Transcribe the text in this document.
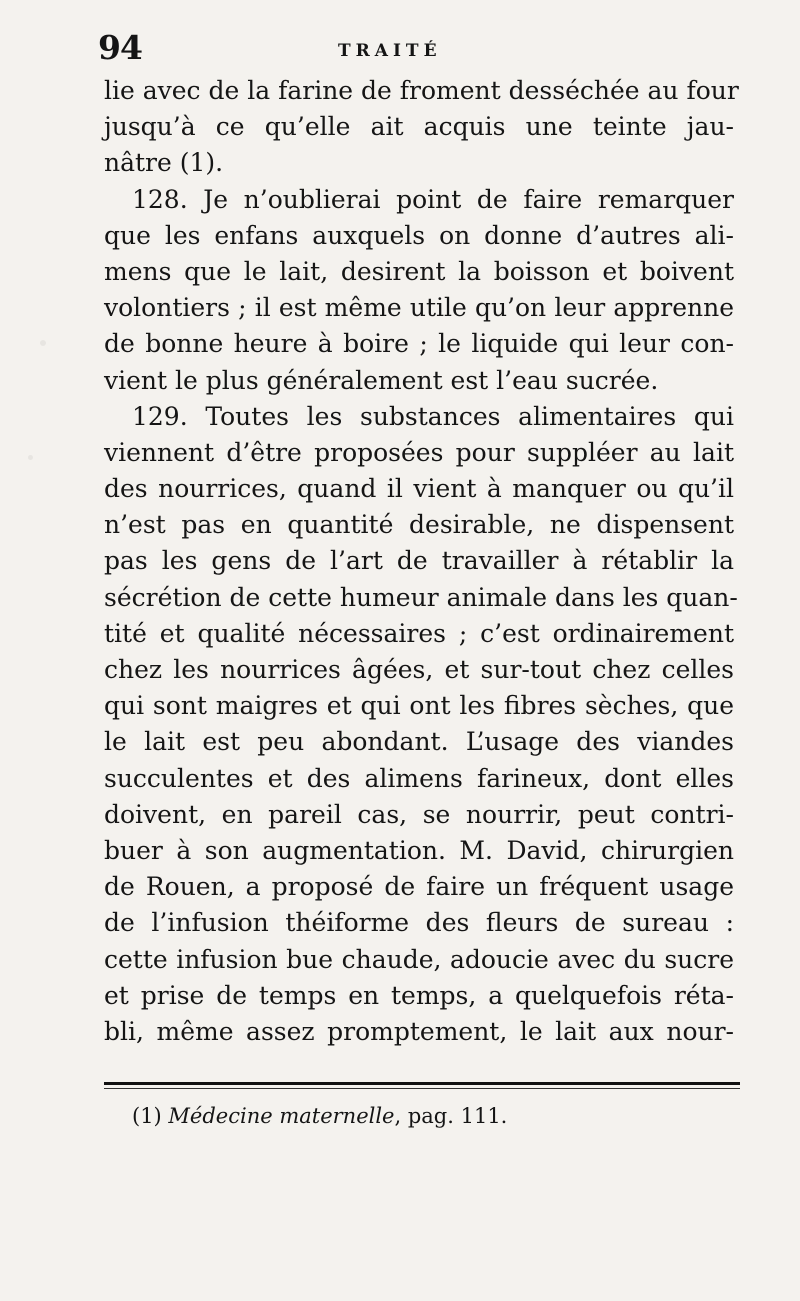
94	TRAITÉ
lie avec de la farine de froment desséchée au four
jusqu’à ce qu’elle ait acquis une teinte jau-
nâtre (1).
128. Je n’oublierai point de faire remarquer
que les enfans auxquels on donne d’autres ali-
mens que le lait, desirent la boisson et boivent
volontiers ; il est même utile qu’on leur apprenne
de bonne heure à boire ; le liquide qui leur con-
vient le plus généralement est l’eau sucrée.
129. Toutes les substances alimentaires qui
viennent d’être proposées pour suppléer au lait
des nourrices, quand il vient à manquer ou qu’il
n’est pas en quantité desirable, ne dispensent
pas les gens de l’art de travailler à rétablir la
sécrétion de cette humeur animale dans les quan-
tité et qualité nécessaires ; c’est ordinairement
chez les nourrices âgées, et sur-tout chez celles
qui sont maigres et qui ont les fibres sèches, que
le lait est peu abondant. L’usage des viandes
succulentes et des alimens farineux, dont elles
doivent, en pareil cas, se nourrir, peut contri-
buer à son augmentation. M. David, chirurgien
de Rouen, a proposé de faire un fréquent usage
de l’infusion théiforme des fleurs de sureau :
cette infusion bue chaude, adoucie avec du sucre
et prise de temps en temps, a quelquefois réta-
bli, même assez promptement, le lait aux nour-
(1) Médecine maternelle, pag. 111.
